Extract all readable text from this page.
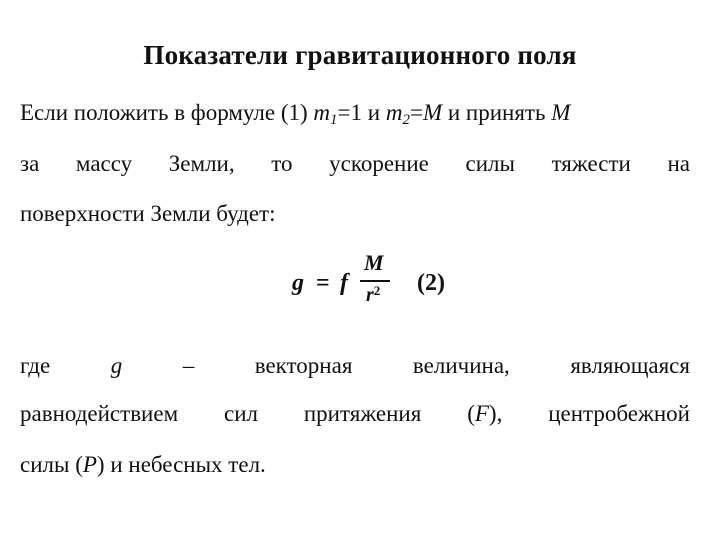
Показатели гравитационного поля
Если положить в формуле (1) $m_1=1$ и $m_2=M$ и принять M
за массу Земли, то ускорение силы тяжести на
поверхности Земли будет:
g = f
M
$r^2$ (2)
где	g	–	векторная	величина,	являющаяся
равнодействием сил притяжения (F), центробежной
силы (P) и небесных тел.
